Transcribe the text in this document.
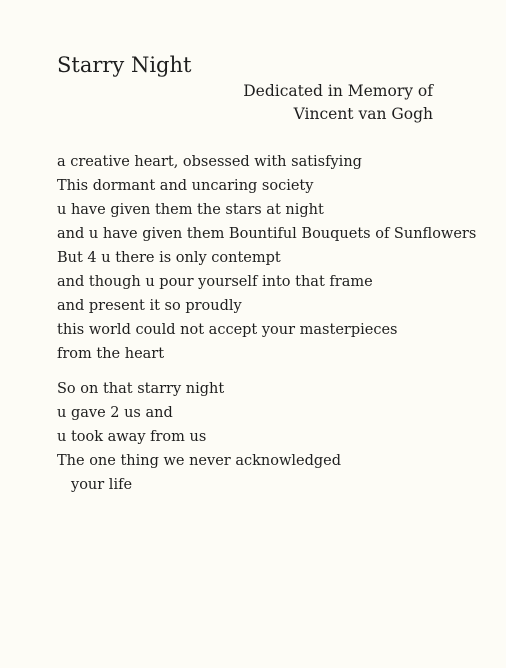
Starry Night
Dedicated in Memory of
Vincent van Gogh
a creative heart, obsessed with satisfying
This dormant and uncaring society
u have given them the stars at night
and u have given them Bountiful Bouquets of Sunflowers
But 4 u there is only contempt
and though u pour yourself into that frame
and present it so proudly
this world could not accept your masterpieces
from the heart
So on that starry night
u gave 2 us and
u took away from us
The one thing we never acknowledged
your life
